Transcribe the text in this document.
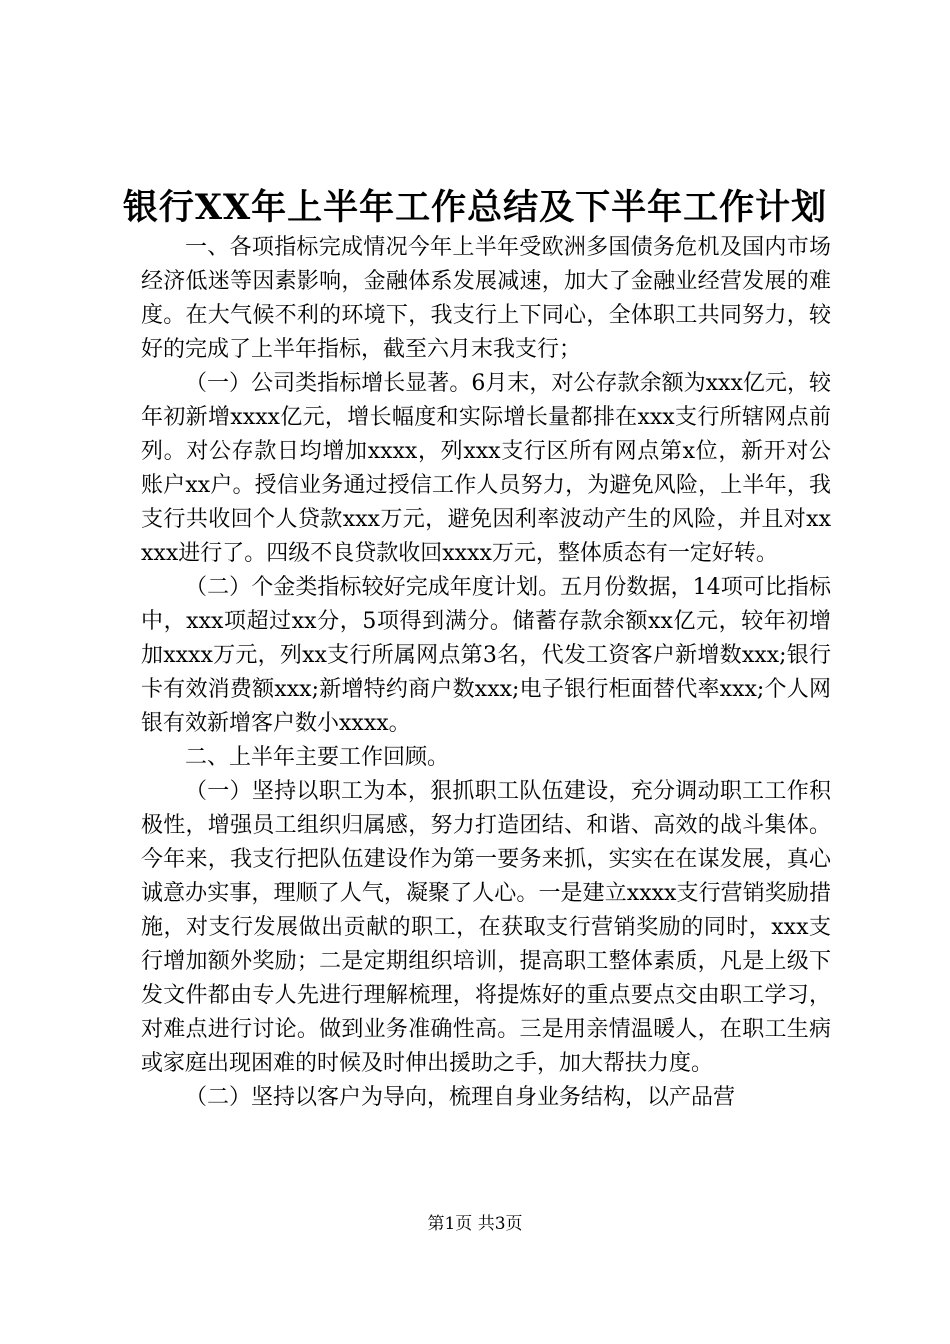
银行XX年上半年工作总结及下半年工作计划

一、各项指标完成情况今年上半年受欧洲多国债务危机及国内市场经济低迷等因素影响，金融体系发展减速，加大了金融业经营发展的难度。在大气候不利的环境下，我支行上下同心，全体职工共同努力，较好的完成了上半年指标，截至六月末我支行；

（一）公司类指标增长显著。6月末，对公存款余额为xxx亿元，较年初新增xxxx亿元，增长幅度和实际增长量都排在xxx支行所辖网点前列。对公存款日均增加xxxx，列xxx支行区所有网点第x位，新开对公账户xx户。授信业务通过授信工作人员努力，为避免风险，上半年，我支行共收回个人贷款xxx万元，避免因利率波动产生的风险，并且对xxxxx进行了。四级不良贷款收回xxxx万元，整体质态有一定好转。

（二）个金类指标较好完成年度计划。五月份数据，14项可比指标中，xxx项超过xx分，5项得到满分。储蓄存款余额xx亿元，较年初增加xxxx万元，列xx支行所属网点第3名，代发工资客户新增数xxx;银行卡有效消费额xxx;新增特约商户数xxx;电子银行柜面替代率xxx;个人网银有效新增客户数小xxxx。

二、上半年主要工作回顾。

（一）坚持以职工为本，狠抓职工队伍建设，充分调动职工工作积极性，增强员工组织归属感，努力打造团结、和谐、高效的战斗集体。今年来，我支行把队伍建设作为第一要务来抓，实实在在谋发展，真心诚意办实事，理顺了人气，凝聚了人心。一是建立xxxx支行营销奖励措施，对支行发展做出贡献的职工，在获取支行营销奖励的同时，xxx支行增加额外奖励；二是定期组织培训，提高职工整体素质，凡是上级下发文件都由专人先进行理解梳理，将提炼好的重点要点交由职工学习，对难点进行讨论。做到业务准确性高。三是用亲情温暖人，在职工生病或家庭出现困难的时候及时伸出援助之手，加大帮扶力度。

（二）坚持以客户为导向，梳理自身业务结构，以产品营

第1页 共3页
